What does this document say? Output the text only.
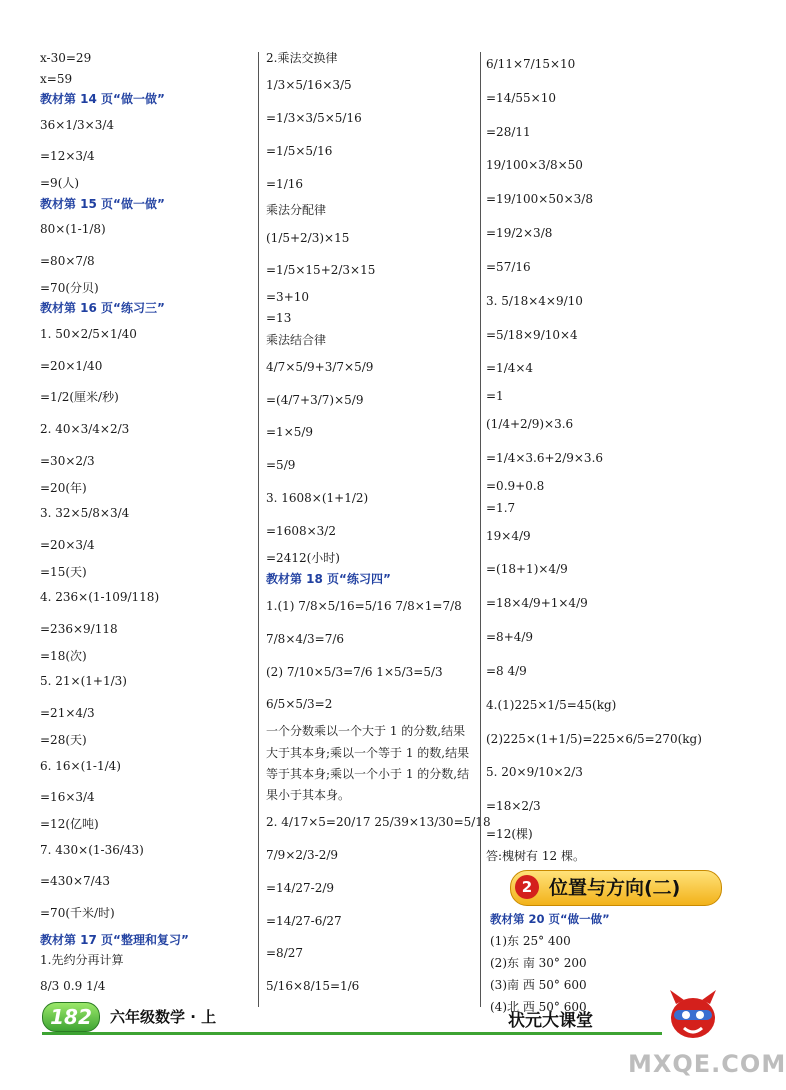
x-30=29
x=59
教材第 14 页“做一做”
36×1/3×3/4
=12×3/4
=9(人)
教材第 15 页“做一做”
80×(1-1/8)
=80×7/8
=70(分贝)
教材第 16 页“练习三”
1. 50×2/5×1/40
=20×1/40
=1/2(厘米/秒)
2. 40×3/4×2/3
=30×2/3
=20(年)
3. 32×5/8×3/4
=20×3/4
=15(天)
4. 236×(1-109/118)
=236×9/118
=18(次)
5. 21×(1+1/3)
=21×4/3
=28(天)
6. 16×(1-1/4)
=16×3/4
=12(亿吨)
7. 430×(1-36/43)
=430×7/43
=70(千米/时)
教材第 17 页“整理和复习”
1.先约分再计算
8/3 0.9 1/4
2.乘法交换律
1/3×5/16×3/5
=1/3×3/5×5/16
=1/5×5/16
=1/16
乘法分配律
(1/5+2/3)×15
=1/5×15+2/3×15
=3+10
=13
乘法结合律
4/7×5/9+3/7×5/9
=(4/7+3/7)×5/9
=1×5/9
=5/9
3. 1608×(1+1/2)
=1608×3/2
=2412(小时)
教材第 18 页“练习四”
1.(1) 7/8×5/16=5/16 7/8×1=7/8
7/8×4/3=7/6
(2) 7/10×5/3=7/6 1×5/3=5/3
6/5×5/3=2
一个分数乘以一个大于 1 的分数,结果
大于其本身;乘以一个等于 1 的数,结果
等于其本身;乘以一个小于 1 的分数,结
果小于其本身。
2. 4/17×5=20/17 25/39×13/30=5/18
7/9×2/3-2/9
=14/27-2/9
=14/27-6/27
=8/27
5/16×8/15=1/6
6/11×7/15×10
=14/55×10
=28/11
19/100×3/8×50
=19/100×50×3/8
=19/2×3/8
=57/16
3. 5/18×4×9/10
=5/18×9/10×4
=1/4×4
=1
(1/4+2/9)×3.6
=1/4×3.6+2/9×3.6
=0.9+0.8
=1.7
19×4/9
=(18+1)×4/9
=18×4/9+1×4/9
=8+4/9
=8 4/9
4.(1)225×1/5=45(kg)
(2)225×(1+1/5)=225×6/5=270(kg)
5. 20×9/10×2/3
=18×2/3
=12(棵)
答:槐树有 12 棵。
2 位置与方向(二)
教材第 20 页“做一做”
(1)东 25° 400
(2)东 南 30° 200
(3)南 西 50° 600
(4)北 西 50° 600
182	六年级数学 · 上	状元大课堂
MXQE.COM
